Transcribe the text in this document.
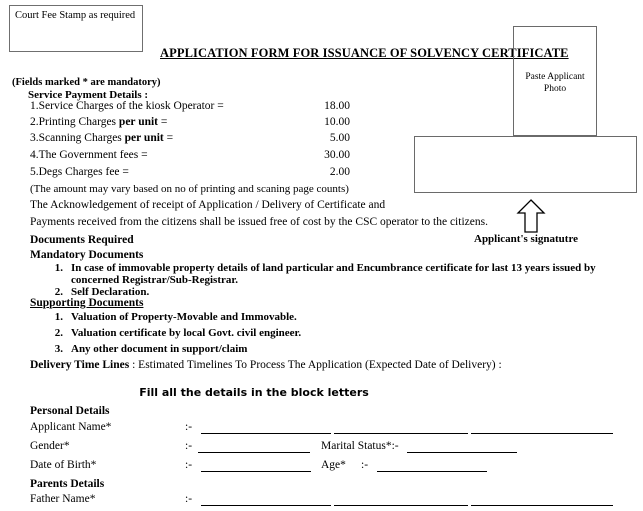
Court Fee Stamp as required
APPLICATION FORM FOR ISSUANCE OF SOLVENCY CERTIFICATE
Paste Applicant
Photo
Applicant's signatutre
(Fields marked * are mandatory)
Service Payment Details :
1.Service Charges of the kiosk Operator =	18.00
2.Printing Charges per unit =	10.00
3.Scanning Charges per unit =	5.00
4.The Government fees =	30.00
5.Degs Charges fee =	2.00
(The amount may vary based on no of printing and scaning page counts)
The Acknowledgement of receipt of Application / Delivery of Certificate and
Payments received from the citizens shall be issued free of cost by the CSC operator to the citizens.
Documents Required
Mandatory Documents
1. In case of immovable property details of land particular and Encumbrance certificate for last 13 years issued by concerned Registrar/Sub-Registrar.
2. Self Declaration.
Supporting Documents
1. Valuation of Property-Movable and Immovable.
2. Valuation certificate by local Govt. civil engineer.
3. Any other document in support/claim
Delivery Time Lines : Estimated Timelines To Process The Application (Expected Date of Delivery) :
Fill all the details in the block letters
Personal Details
Applicant Name*	:-
Gender*	:-	Marital Status*:-
Date of Birth*	:-	Age* :-
Parents Details
Father Name*	:-
